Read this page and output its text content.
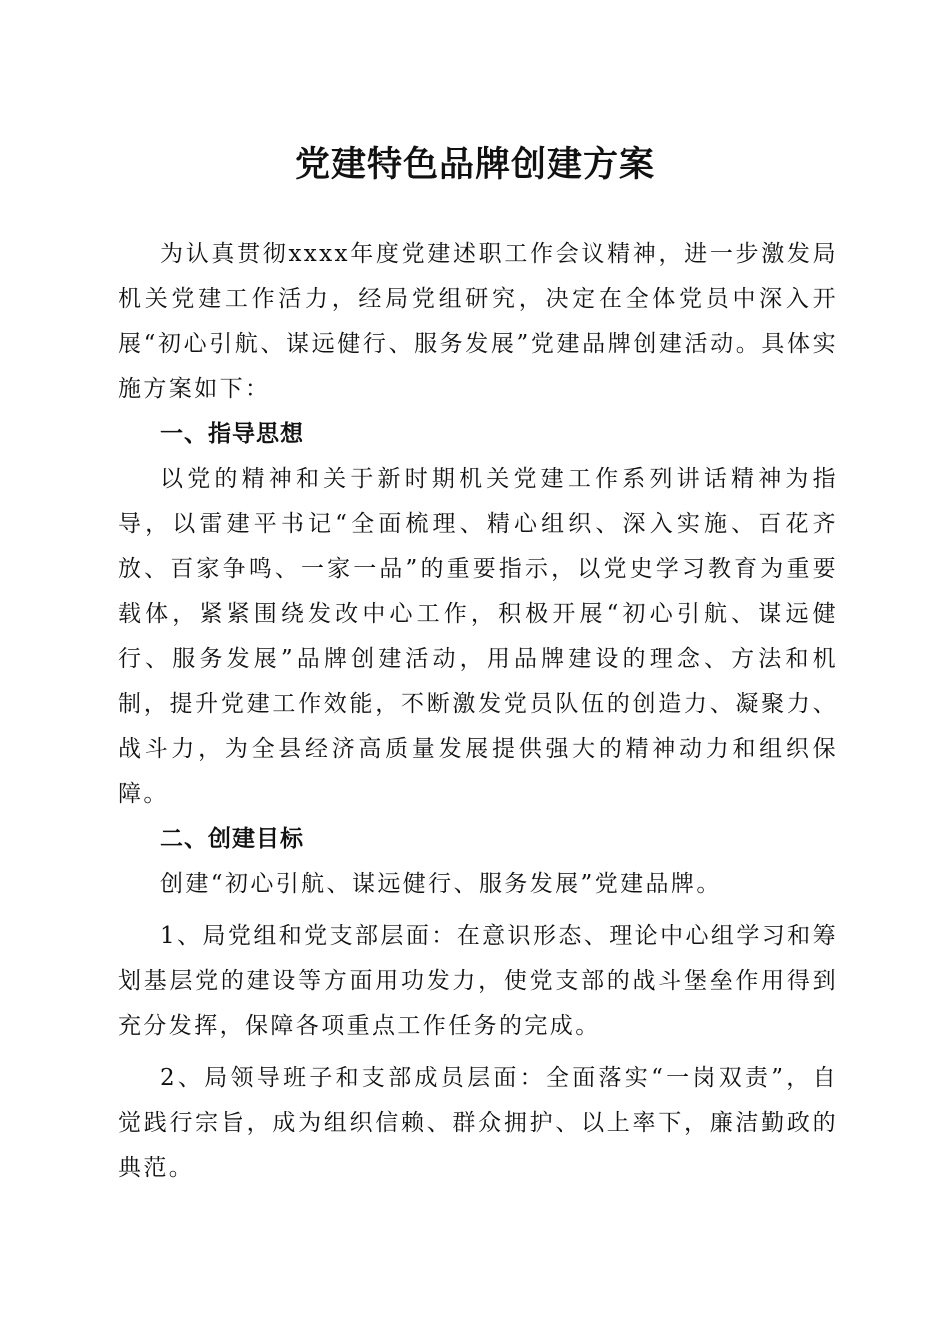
党建特色品牌创建方案

为认真贯彻xxxx年度党建述职工作会议精神，进一步激发局机关党建工作活力，经局党组研究，决定在全体党员中深入开展“初心引航、谋远健行、服务发展”党建品牌创建活动。具体实施方案如下：

一、指导思想

以党的精神和关于新时期机关党建工作系列讲话精神为指导，以雷建平书记“全面梳理、精心组织、深入实施、百花齐放、百家争鸣、一家一品”的重要指示，以党史学习教育为重要载体，紧紧围绕发改中心工作，积极开展“初心引航、谋远健行、服务发展”品牌创建活动，用品牌建设的理念、方法和机制，提升党建工作效能，不断激发党员队伍的创造力、凝聚力、战斗力，为全县经济高质量发展提供强大的精神动力和组织保障。

二、创建目标

创建“初心引航、谋远健行、服务发展”党建品牌。

1、局党组和党支部层面：在意识形态、理论中心组学习和筹划基层党的建设等方面用功发力，使党支部的战斗堡垒作用得到充分发挥，保障各项重点工作任务的完成。

2、局领导班子和支部成员层面：全面落实“一岗双责”，自觉践行宗旨，成为组织信赖、群众拥护、以上率下，廉洁勤政的典范。
